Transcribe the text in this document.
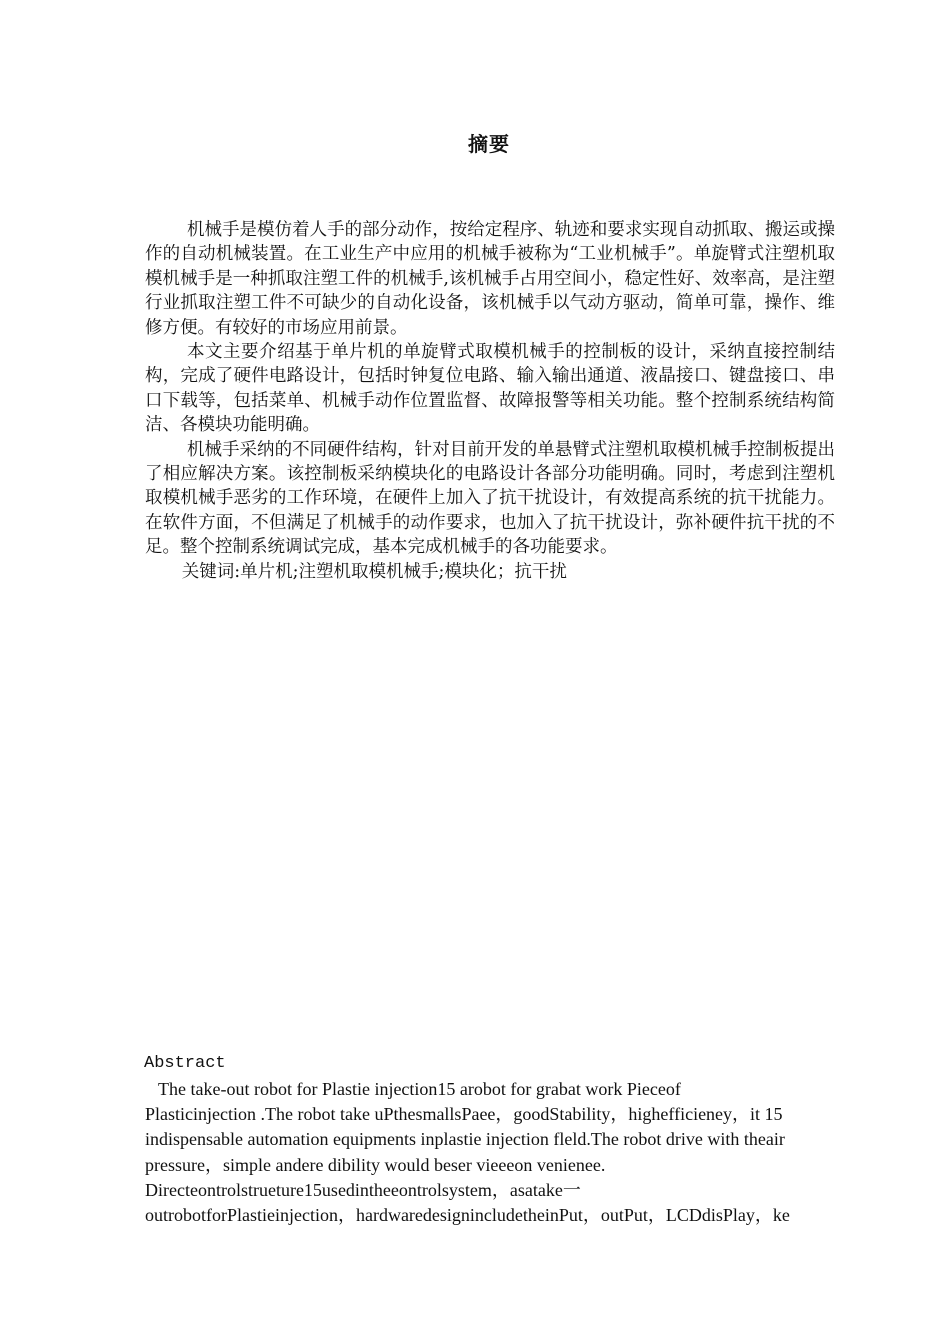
摘要

机械手是模仿着人手的部分动作，按给定程序、轨迹和要求实现自动抓取、搬运或操作的自动机械装置。在工业生产中应用的机械手被称为“工业机械手”。单旋臂式注塑机取模机械手是一种抓取注塑工件的机械手,该机械手占用空间小，稳定性好、效率高，是注塑行业抓取注塑工件不可缺少的自动化设备，该机械手以气动方驱动，简单可靠，操作、维修方便。有较好的市场应用前景。

本文主要介绍基于单片机的单旋臂式取模机械手的控制板的设计，采纳直接控制结构，完成了硬件电路设计，包括时钟复位电路、输入输出通道、液晶接口、键盘接口、串口下载等，包括菜单、机械手动作位置监督、故障报警等相关功能。整个控制系统结构简洁、各模块功能明确。

机械手采纳的不同硬件结构，针对目前开发的单悬臂式注塑机取模机械手控制板提出了相应解决方案。该控制板采纳模块化的电路设计各部分功能明确。同时，考虑到注塑机取模机械手恶劣的工作环境，在硬件上加入了抗干扰设计，有效提高系统的抗干扰能力。在软件方面，不但满足了机械手的动作要求，也加入了抗干扰设计，弥补硬件抗干扰的不足。整个控制系统调试完成，基本完成机械手的各功能要求。

关键词:单片机;注塑机取模机械手;模块化；抗干扰

Abstract

The take-out robot for Plastie injection15 arobot for grabat work Pieceof
Plasticinjection .The robot take uPthesmallsPaee，goodStability，highefficieney，it 15
indispensable automation equipments inplastie injection fleld.The robot drive with theair
pressure，simple andere dibility would beser vieeeon venienee.
Directeontrolstrueture15usedintheeontrolsystem，asatake一
outrobotforPlastieinjection，hardwaredesignincludetheinPut，outPut，LCDdisPlay，ke
